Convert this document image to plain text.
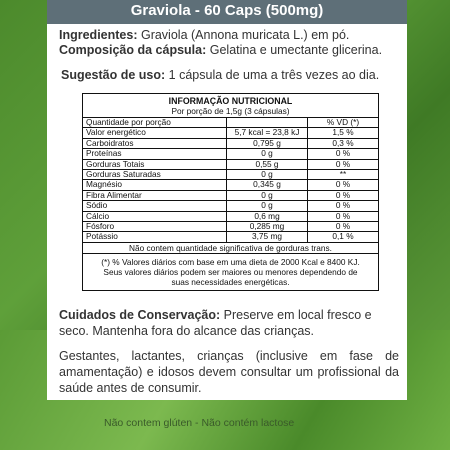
Graviola - 60 Caps (500mg)
Ingredientes: Graviola (Annona muricata L.) em pó.
Composição da cápsula: Gelatina e umectante glicerina.
Sugestão de uso: 1 cápsula de uma a três vezes ao dia.
INFORMAÇÃO NUTRICIONAL
Por porção de 1,5g (3 cápsulas)
Quantidade por porção		% VD (*)
Valor energético	5,7 kcal = 23,8 kJ	1,5 %
Carboidratos	0,795 g	0,3 %
Proteínas	0 g	0 %
Gorduras Totais	0,55 g	0 %
Gorduras Saturadas	0 g	**
Magnésio	0,345 g	0 %
Fibra Alimentar	0 g	0 %
Sódio	0 g	0 %
Cálcio	0,6 mg	0 %
Fósforo	0,285 mg	0 %
Potássio	3,75 mg	0,1 %
Não contem quantidade significativa de gorduras trans.
(*) % Valores diários com base em uma dieta de 2000 Kcal e 8400 KJ.
Seus valores diários podem ser maiores ou menores dependendo de
suas necessidades energéticas.
Cuidados de Conservação: Preserve em local fresco e seco. Mantenha fora do alcance das crianças.
Gestantes, lactantes, crianças (inclusive em fase de amamentação) e idosos devem consultar um profissional da saúde antes de consumir.
Não contem glúten - Não contém lactose
